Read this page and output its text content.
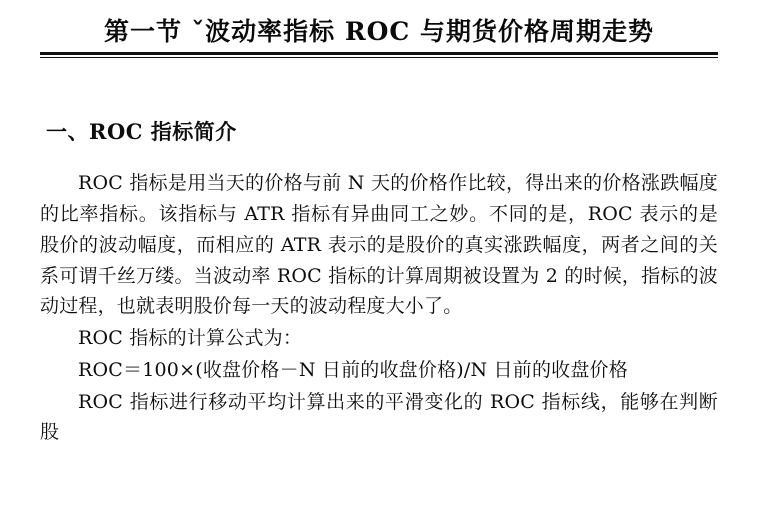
第一节 ˇ波动率指标 ROC 与期货价格周期走势
一、ROC 指标简介

ROC 指标是用当天的价格与前 N 天的价格作比较，得出来的价格涨跌幅度的比率指标。该指标与 ATR 指标有异曲同工之妙。不同的是，ROC 表示的是股价的波动幅度，而相应的 ATR 表示的是股价的真实涨跌幅度，两者之间的关系可谓千丝万缕。当波动率 ROC 指标的计算周期被设置为 2 的时候，指标的波动过程，也就表明股价每一天的波动程度大小了。

ROC 指标的计算公式为：

ROC＝100×(收盘价格－N 日前的收盘价格)/N 日前的收盘价格

ROC 指标进行移动平均计算出来的平滑变化的 ROC 指标线，能够在判断股
